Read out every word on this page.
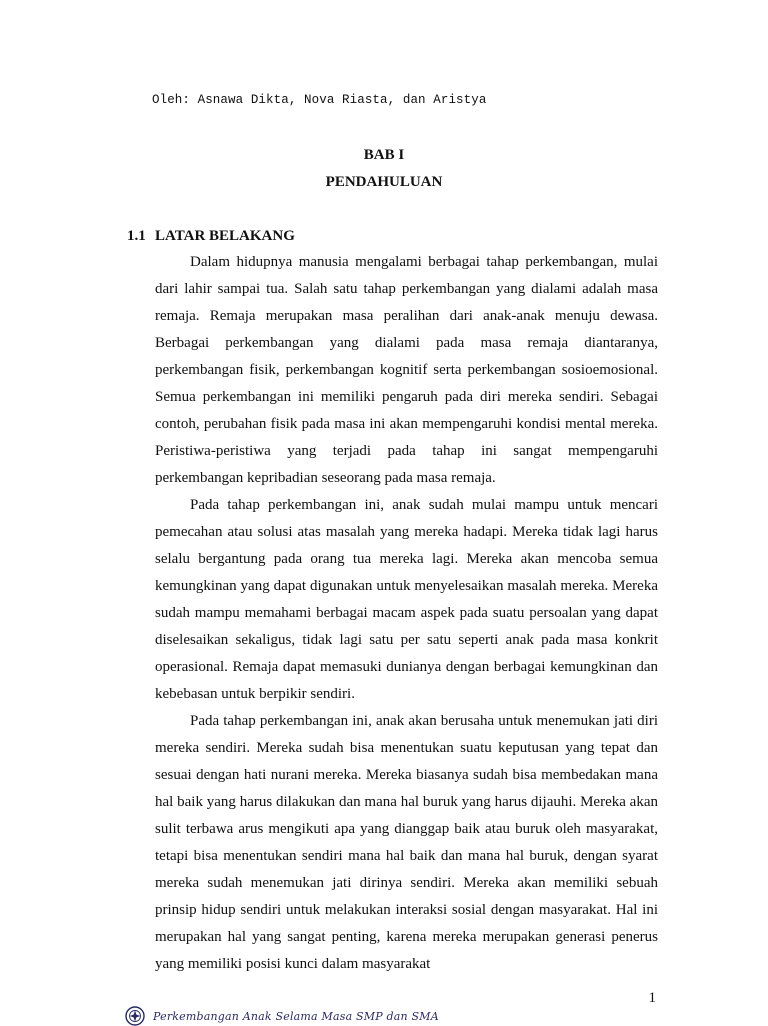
Oleh: Asnawa Dikta, Nova Riasta, dan Aristya
BAB I
PENDAHULUAN
1.1 LATAR BELAKANG

Dalam hidupnya manusia mengalami berbagai tahap perkembangan, mulai dari lahir sampai tua. Salah satu tahap perkembangan yang dialami adalah masa remaja. Remaja merupakan masa peralihan dari anak-anak menuju dewasa. Berbagai perkembangan yang dialami pada masa remaja diantaranya, perkembangan fisik, perkembangan kognitif serta perkembangan sosioemosional. Semua perkembangan ini memiliki pengaruh pada diri mereka sendiri. Sebagai contoh, perubahan fisik pada masa ini akan mempengaruhi kondisi mental mereka. Peristiwa-peristiwa yang terjadi pada tahap ini sangat mempengaruhi perkembangan kepribadian seseorang pada masa remaja.

Pada tahap perkembangan ini, anak sudah mulai mampu untuk mencari pemecahan atau solusi atas masalah yang mereka hadapi. Mereka tidak lagi harus selalu bergantung pada orang tua mereka lagi. Mereka akan mencoba semua kemungkinan yang dapat digunakan untuk menyelesaikan masalah mereka. Mereka sudah mampu memahami berbagai macam aspek pada suatu persoalan yang dapat diselesaikan sekaligus, tidak lagi satu per satu seperti anak pada masa konkrit operasional. Remaja dapat memasuki dunianya dengan berbagai kemungkinan dan kebebasan untuk berpikir sendiri.

Pada tahap perkembangan ini, anak akan berusaha untuk menemukan jati diri mereka sendiri. Mereka sudah bisa menentukan suatu keputusan yang tepat dan sesuai dengan hati nurani mereka. Mereka biasanya sudah bisa membedakan mana hal baik yang harus dilakukan dan mana hal buruk yang harus dijauhi. Mereka akan sulit terbawa arus mengikuti apa yang dianggap baik atau buruk oleh masyarakat, tetapi bisa menentukan sendiri mana hal baik dan mana hal buruk, dengan syarat mereka sudah menemukan jati dirinya sendiri. Mereka akan memiliki sebuah prinsip hidup sendiri untuk melakukan interaksi sosial dengan masyarakat. Hal ini merupakan hal yang sangat penting, karena mereka merupakan generasi penerus yang memiliki posisi kunci dalam masyarakat

1
Perkembangan Anak Selama Masa SMP dan SMA
